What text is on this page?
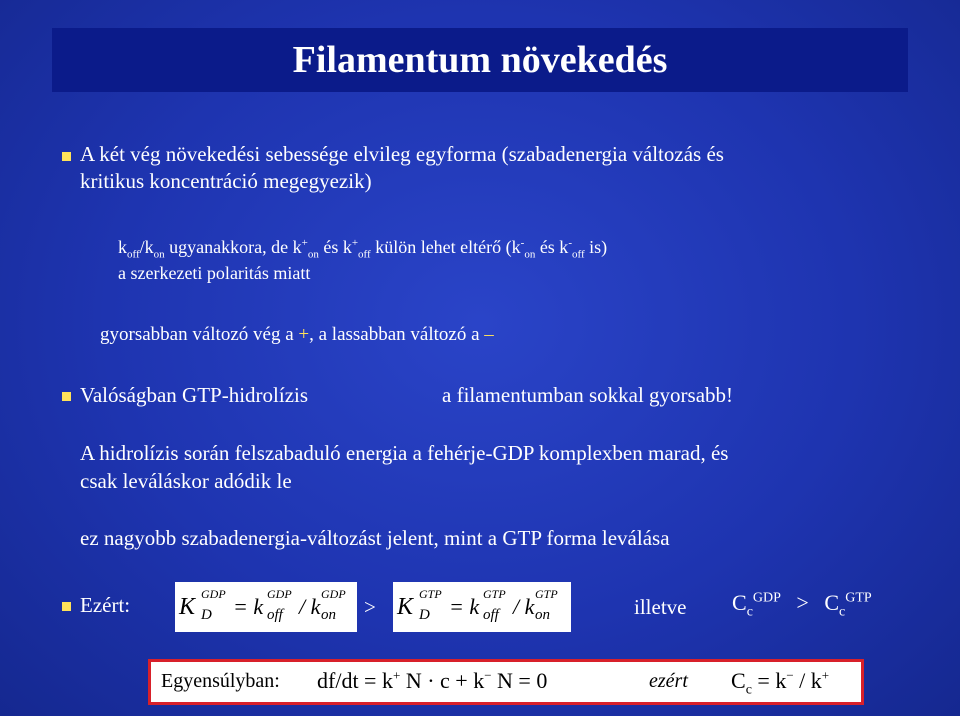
Filamentum növekedés
A két vég növekedési sebessége elvileg egyforma (szabadenergia változás és
kritikus koncentráció megegyezik)
$k_{off}/k_{on}$ ugyanakkora, de $k^+_{on}$ és $k^+_{off}$ külön lehet eltérő ($k^-_{on}$ és $k^-_{off}$ is)
a szerkezeti polaritás miatt
gyorsabban változó vég a +, a lassabban változó a –
Valóságban GTP-hidrolízis	a filamentumban sokkal gyorsabb!
A hidrolízis során felszabaduló energia a fehérje-GDP komplexben marad, és
csak leváláskor adódik le
ez nagyobb szabadenergia-változást jelent, mint a GTP forma leválása
Ezért: K GDP
D = k GDP
off / k GDP
on > K GTP
D = k GTP
off / k GTP
on	illetve $C_c^{GDP} > C_c^{GTP}$
Egyensúlyban: df/dt = k+ N · c + k− N = 0	ezért $C_c = k^- / k^+$
